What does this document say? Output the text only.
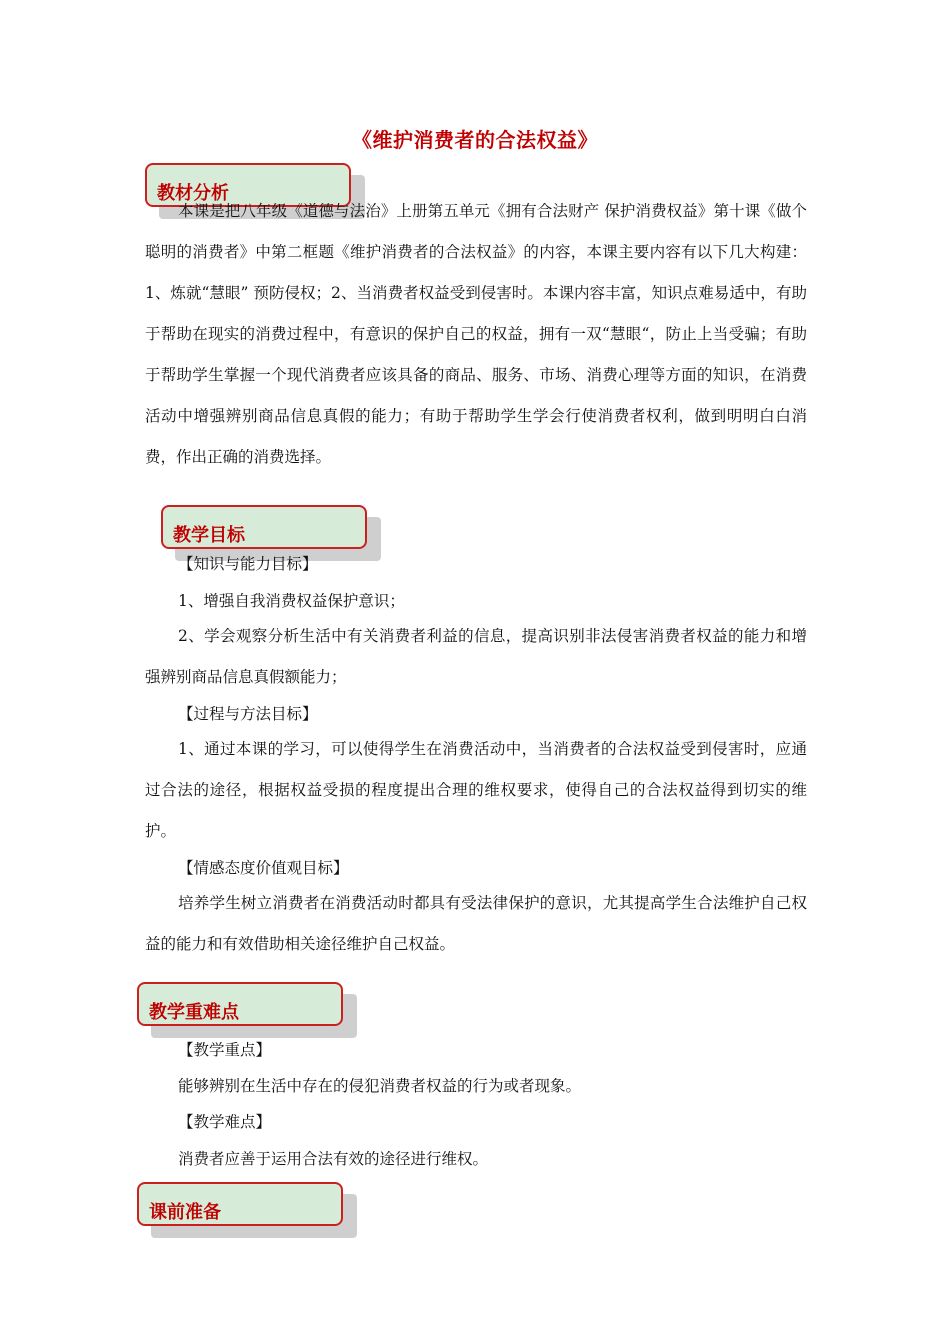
《维护消费者的合法权益》
教材分析

本课是把八年级《道德与法治》上册第五单元《拥有合法财产 保护消费权益》第十课《做个聪明的消费者》中第二框题《维护消费者的合法权益》的内容，本课主要内容有以下几大构建：1、炼就“慧眼” 预防侵权；2、当消费者权益受到侵害时。本课内容丰富，知识点难易适中，有助于帮助在现实的消费过程中，有意识的保护自己的权益，拥有一双“慧眼“，防止上当受骗；有助于帮助学生掌握一个现代消费者应该具备的商品、服务、市场、消费心理等方面的知识，在消费活动中增强辨别商品信息真假的能力；有助于帮助学生学会行使消费者权利，做到明明白白消费，作出正确的消费选择。

教学目标
【知识与能力目标】
1、增强自我消费权益保护意识；

2、学会观察分析生活中有关消费者利益的信息，提高识别非法侵害消费者权益的能力和增强辨别商品信息真假额能力；

【过程与方法目标】

1、通过本课的学习，可以使得学生在消费活动中，当消费者的合法权益受到侵害时，应通过合法的途径，根据权益受损的程度提出合理的维权要求，使得自己的合法权益得到切实的维护。

【情感态度价值观目标】

培养学生树立消费者在消费活动时都具有受法律保护的意识，尤其提高学生合法维护自己权益的能力和有效借助相关途径维护自己权益。

教学重难点
【教学重点】
能够辨别在生活中存在的侵犯消费者权益的行为或者现象。
【教学难点】
消费者应善于运用合法有效的途径进行维权。
课前准备
